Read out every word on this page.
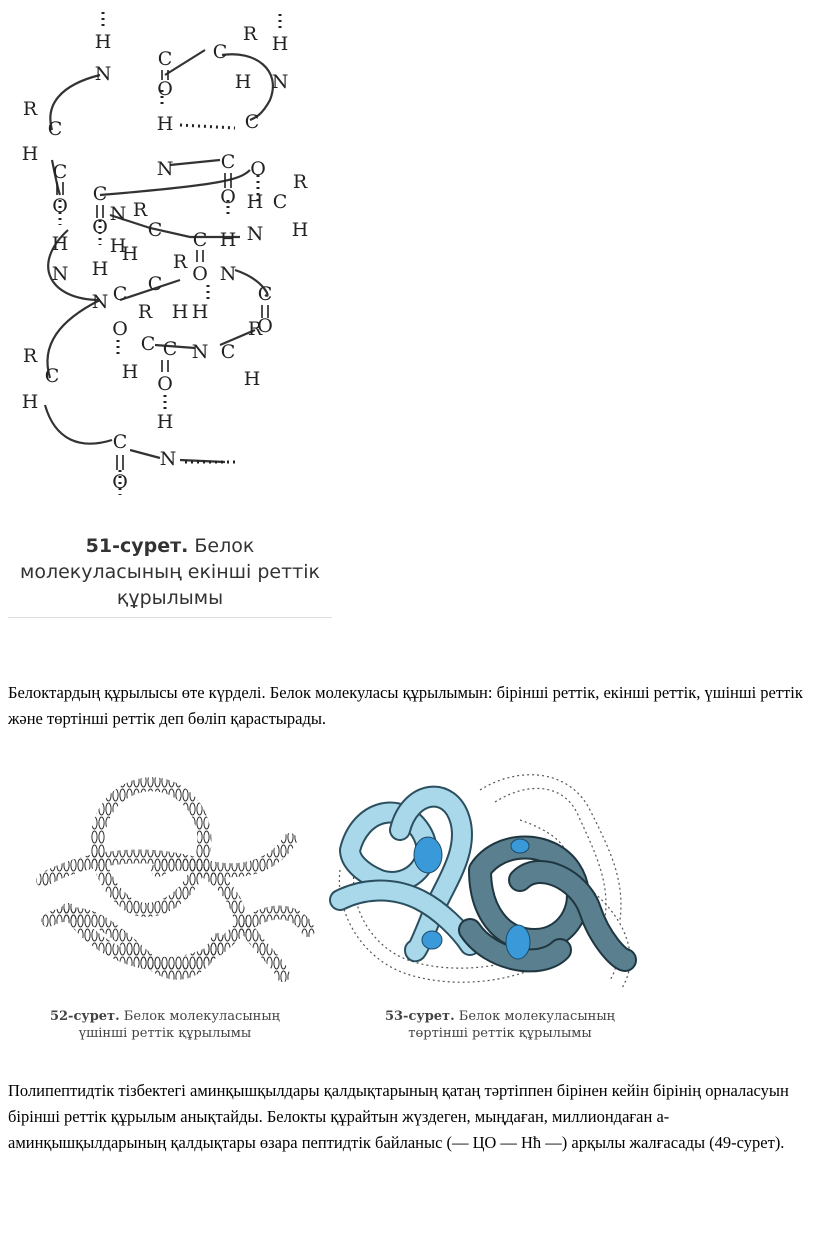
H
N
C
O
C
R
H
H
N
R
C
H
H	C
C	N C O
O
C
N R
C
O H C
R
H
O
H
H
C H N
H
N H
C
R
O N
C
N C
R H H
O
C C N C
R
O
H
O	H
R
C
H
H
C
N
O
51-сурет. Белок молекуласының екінші реттік құрылымы

Белоктардың құрылысы өте күрделі. Белок молекуласы құрылымын: бірінші реттік, екінші реттік, үшінші реттік және төртінші реттік деп бөліп қарастырады.

52-сурет. Белок молекуласының
үшінші реттік құрылымы
53-сурет. Белок молекуласының
төртінші реттік құрылымы

Полипептидтік тізбектегі аминқышқылдары қалдықтарының қатаң тәртіппен бірінен кейін бірінің орналасуын бірінші реттік құрылым анықтайды. Белокты құрайтын жүздеген, мыңдаған, миллиондаған а-аминқышқылдарының қалдықтары өзара пептидтік байланыс (— ЦО — Нћ —) арқылы жалғасады (49-сурет).
